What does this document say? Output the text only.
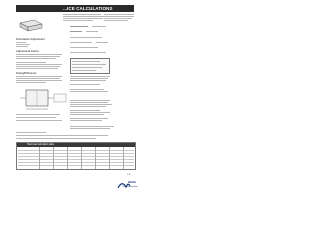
...ICE CALCULATIONS
Orientation Adjustment
Adjustment Factor
Sizing/Efficiency
Heat load calculation table
7-8
Mulfa
The world specialist
